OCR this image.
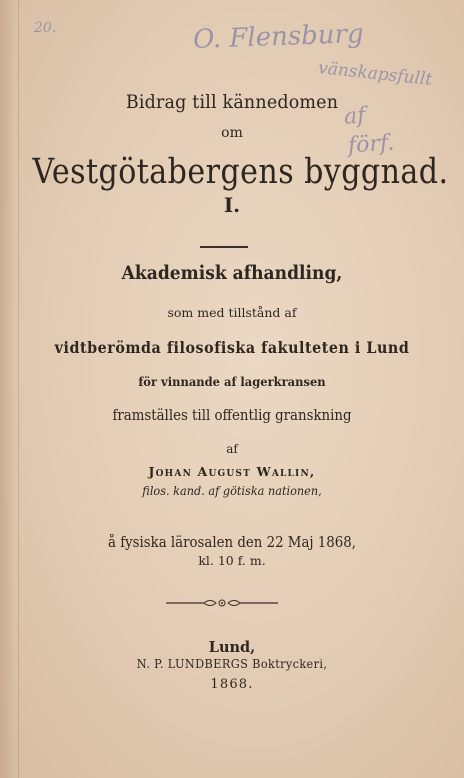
20.	O. Flensburg
vänskapsfullt
af
förf.
Bidrag till kännedomen
om
Vestgötabergens byggnad.
I.
Akademisk afhandling,
som med tillstånd af
vidtberömda filosofiska fakulteten i Lund
för vinnande af lagerkransen
framställes till offentlig granskning
af
Johan August Wallin,
filos. kand. af götiska nationen,
å fysiska lärosalen den 22 Maj 1868,
kl. 10 f. m.
Lund,
N. P. LUNDBERGS Boktryckeri,
1868.
